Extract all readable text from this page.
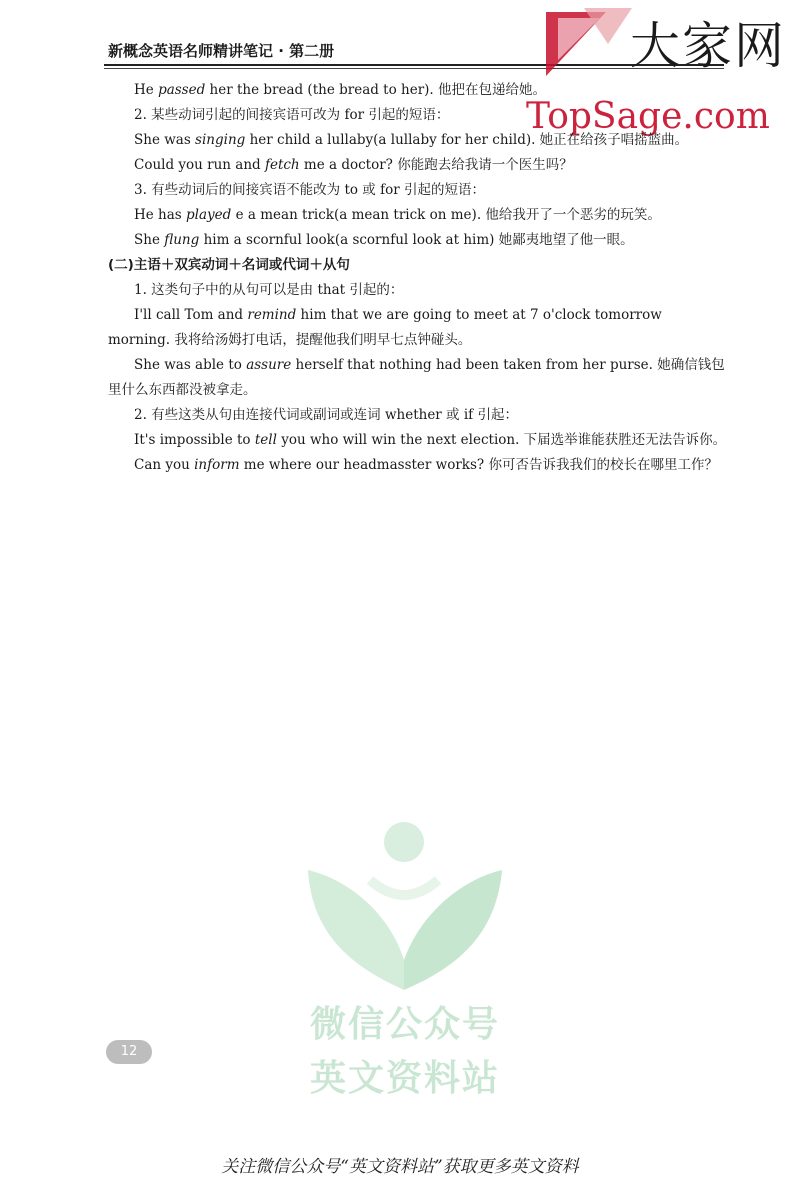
新概念英语名师精讲笔记 · 第二册	大家网
TopSage.com

He passed her the bread (the bread to her). 他把在包递给她。

2. 某些动词引起的间接宾语可改为 for 引起的短语：

She was singing her child a lullaby(a lullaby for her child). 她正在给孩子唱摇篮曲。

Could you run and fetch me a doctor? 你能跑去给我请一个医生吗？

3. 有些动词后的间接宾语不能改为 to 或 for 引起的短语：

He has played e a mean trick(a mean trick on me). 他给我开了一个恶劣的玩笑。

She flung him a scornful look(a scornful look at him) 她鄙夷地望了他一眼。

(二)主语＋双宾动词＋名词或代词＋从句

1. 这类句子中的从句可以是由 that 引起的：

I'll call Tom and remind him that we are going to meet at 7 o'clock tomorrow morning. 我将给汤姆打电话，提醒他我们明早七点钟碰头。

She was able to assure herself that nothing had been taken from her purse. 她确信钱包里什么东西都没被拿走。

2. 有些这类从句由连接代词或副词或连词 whether 或 if 引起：

It's impossible to tell you who will win the next election. 下届选举谁能获胜还无法告诉你。

Can you inform me where our headmasster works? 你可否告诉我我们的校长在哪里工作？

微信公众号
英文资料站
12
关注微信公众号“英文资料站”获取更多英文资料
